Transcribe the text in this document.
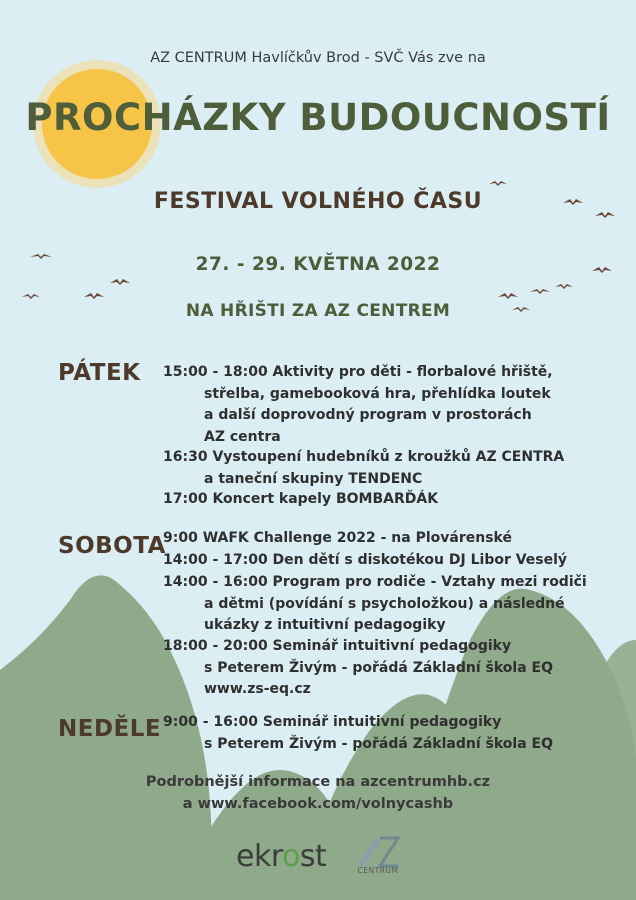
AZ CENTRUM Havlíčkův Brod - SVČ Vás zve na
PROCHÁZKY BUDOUCNOSTÍ
FESTIVAL VOLNÉHO ČASU
27. - 29. KVĚTNA 2022
NA HŘIŠTI ZA AZ CENTREM
PÁTEK 15:00 - 18:00 Aktivity pro děti - florbalové hřiště,
střelba, gamebooková hra, přehlídka loutek
a další doprovodný program v prostorách
AZ centra
16:30 Vystoupení hudebníků z kroužků AZ CENTRA
a taneční skupiny TENDENC
17:00 Koncert kapely BOMBARĎÁK
SOBOTA
9:00 WAFK Challenge 2022 - na Plovárenské
14:00 - 17:00 Den dětí s diskotékou DJ Libor Veselý
14:00 - 16:00 Program pro rodiče - Vztahy mezi rodiči
a dětmi (povídání s psycholožkou) a následné
ukázky z intuitivní pedagogiky
18:00 - 20:00 Seminář intuitivní pedagogiky
s Peterem Živým - pořádá Základní škola EQ
www.zs-eq.cz
NEDĚLE 9:00 - 16:00 Seminář intuitivní pedagogiky
s Peterem Živým - pořádá Základní škola EQ
Podrobnější informace na azcentrumhb.cz
a www.facebook.com/volnycashb
ekrost	CENTRUM
